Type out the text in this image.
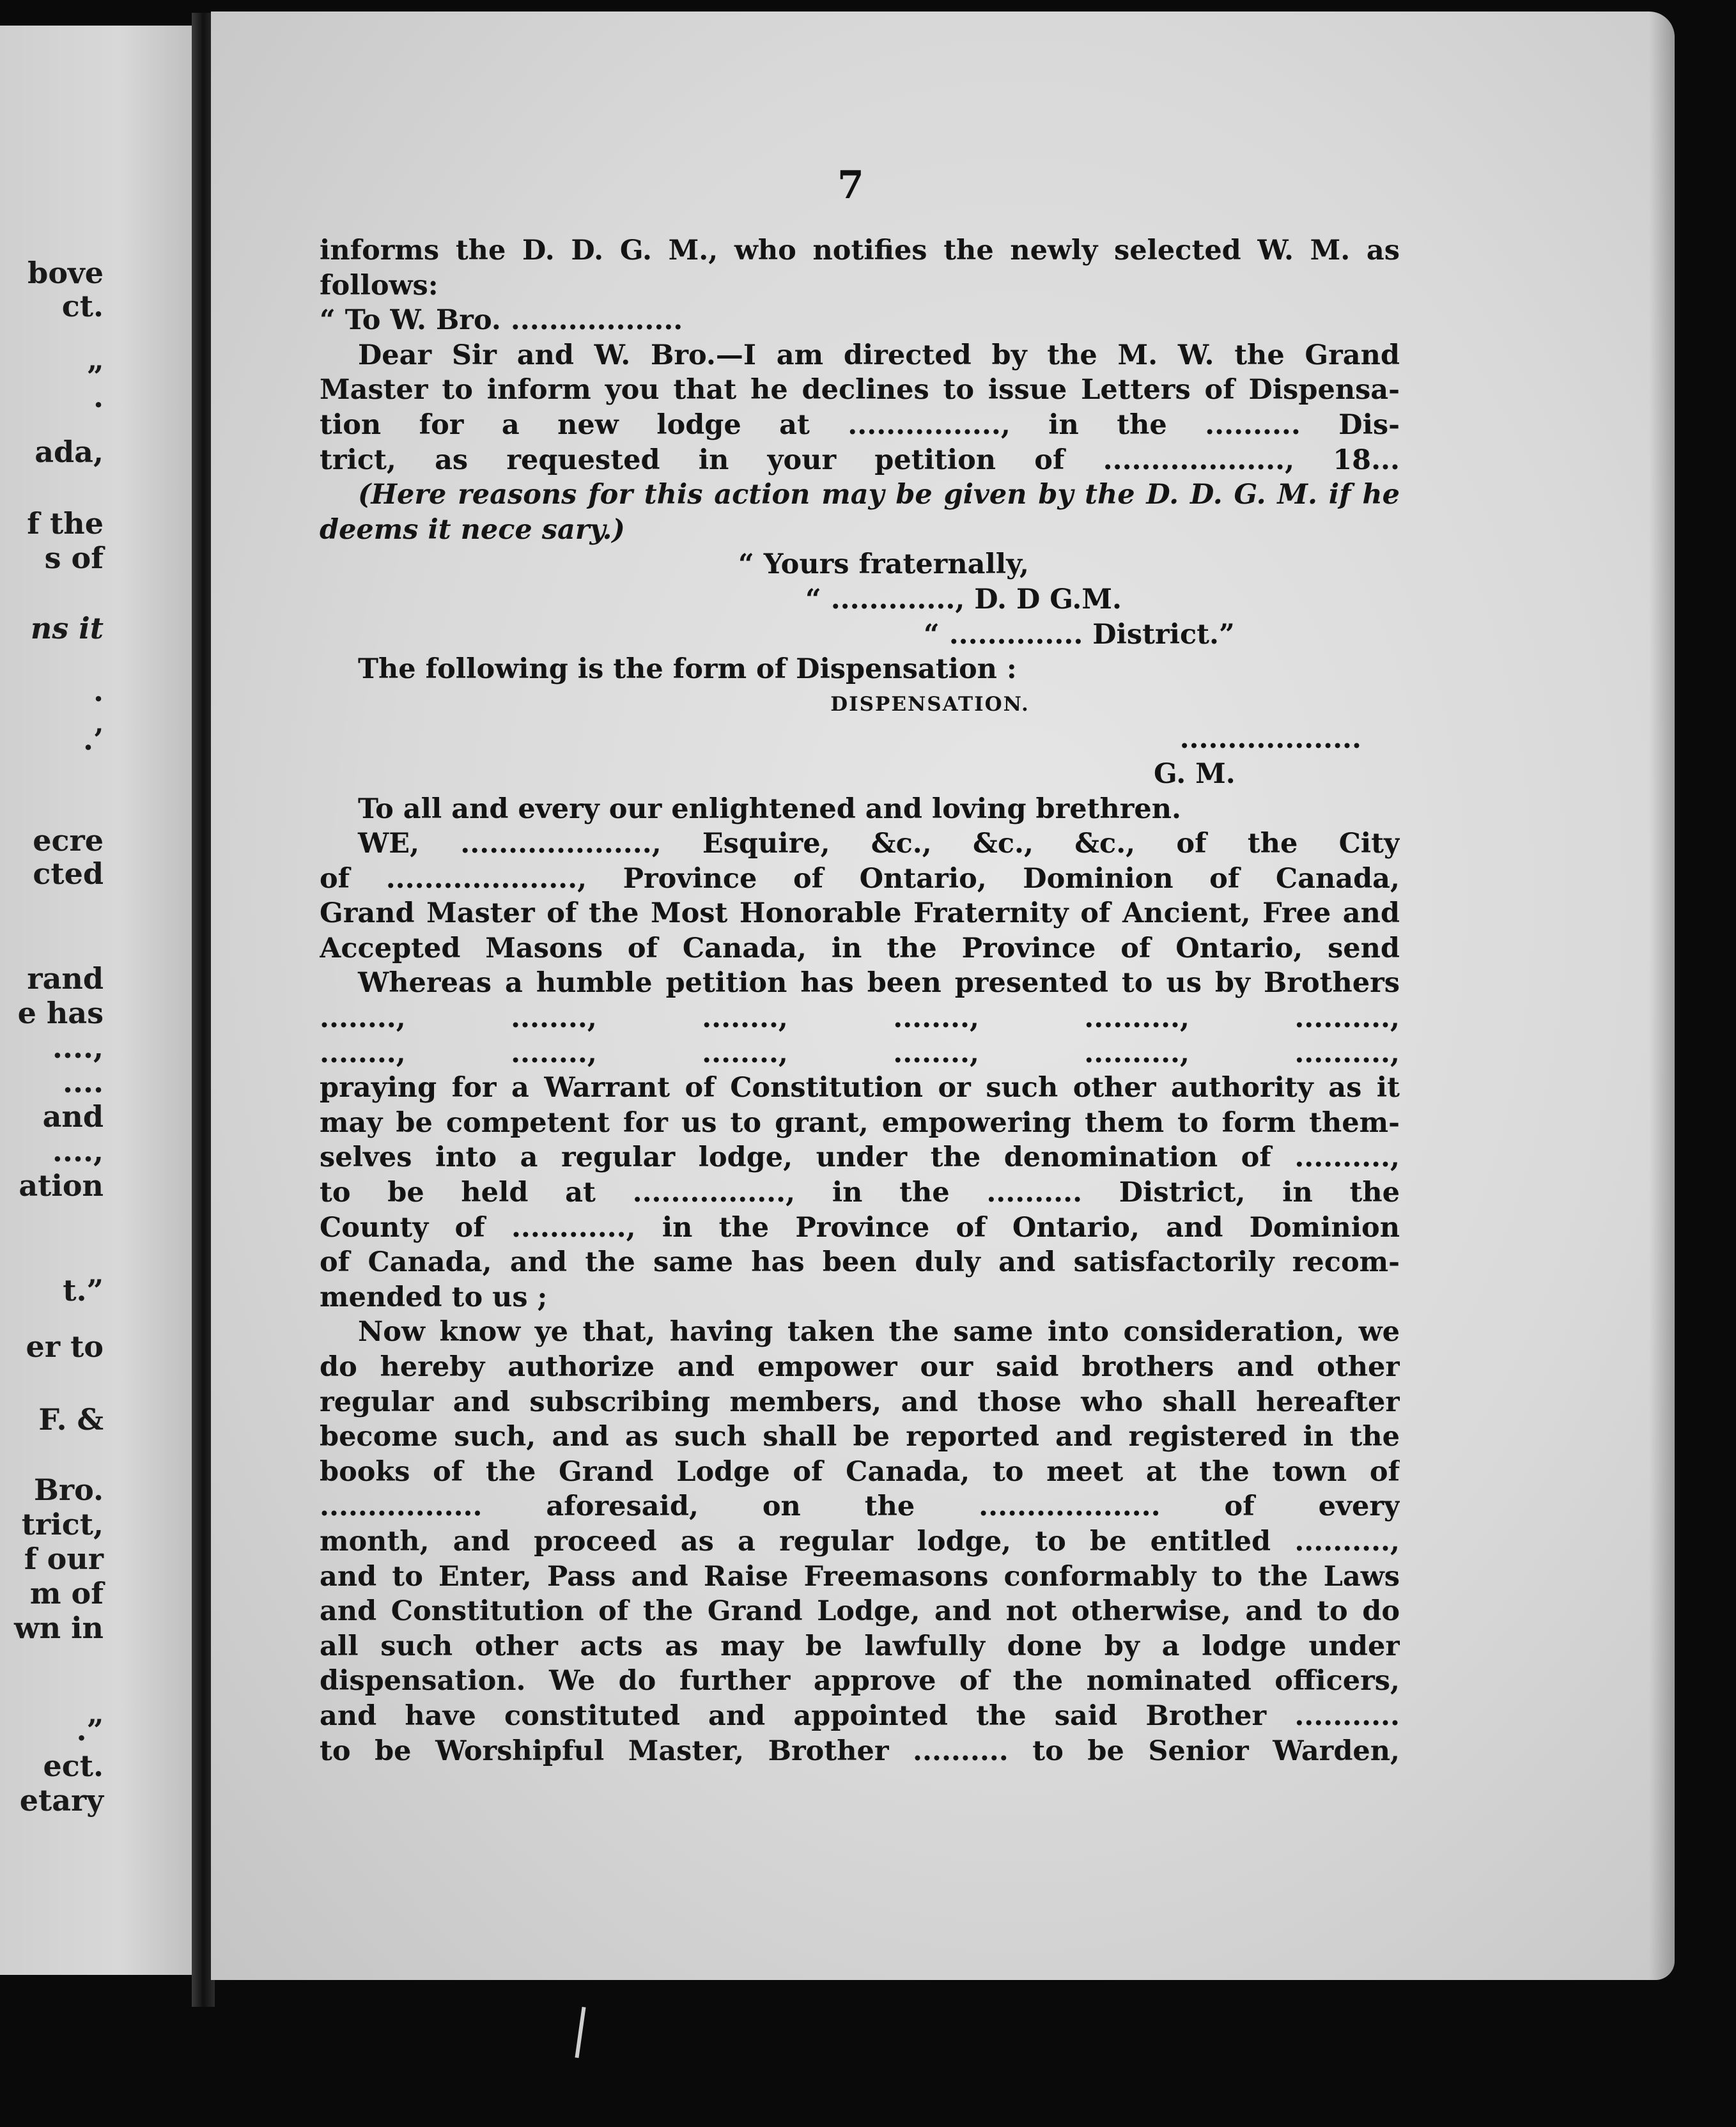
bove
ct.
”
·
ada,
f the
s of
ns it
·
.’
ecre
cted
rand
e has
....,
....
and
....,
ation
t.”
er to
F. &
Bro.
trict,
f our
m of
wn in
.”
ect.
etary
7
informs the D. D. G. M., who notifies the newly selected W. M. as
follows:
“ To W. Bro. ..................
Dear Sir and W. Bro.—I am directed by the M. W. the Grand
Master to inform you that he declines to issue Letters of Dispensa-
tion for a new lodge at ................, in the .......... Dis-
trict, as requested in your petition of ..................., 18...
(Here reasons for this action may be given by the D. D. G. M. if he
deems it nece sary.)
“ Yours fraternally,
“ ............., D. D G.M.
“ .............. District.”
The following is the form of Dispensation :
DISPENSATION.
...................
G. M.
To all and every our enlightened and loving brethren.
WE, ...................., Esquire, &c., &c., &c., of the City
of ...................., Province of Ontario, Dominion of Canada,
Grand Master of the Most Honorable Fraternity of Ancient, Free and
Accepted Masons of Canada, in the Province of Ontario, send
Whereas a humble petition has been presented to us by Brothers
........, ........, ........, ........, .........., ..........,
........, ........, ........, ........, .........., ..........,
praying for a Warrant of Constitution or such other authority as it
may be competent for us to grant, empowering them to form them-
selves into a regular lodge, under the denomination of ..........,
to be held at ................, in the .......... District, in the
County of ............, in the Province of Ontario, and Dominion
of Canada, and the same has been duly and satisfactorily recom-
mended to us ;
Now know ye that, having taken the same into consideration, we
do hereby authorize and empower our said brothers and other
regular and subscribing members, and those who shall hereafter
become such, and as such shall be reported and registered in the
books of the Grand Lodge of Canada, to meet at the town of
................. aforesaid, on the ................... of every
month, and proceed as a regular lodge, to be entitled ..........,
and to Enter, Pass and Raise Freemasons conformably to the Laws
and Constitution of the Grand Lodge, and not otherwise, and to do
all such other acts as may be lawfully done by a lodge under
dispensation. We do further approve of the nominated officers,
and have constituted and appointed the said Brother ...........
to be Worshipful Master, Brother .......... to be Senior Warden,
